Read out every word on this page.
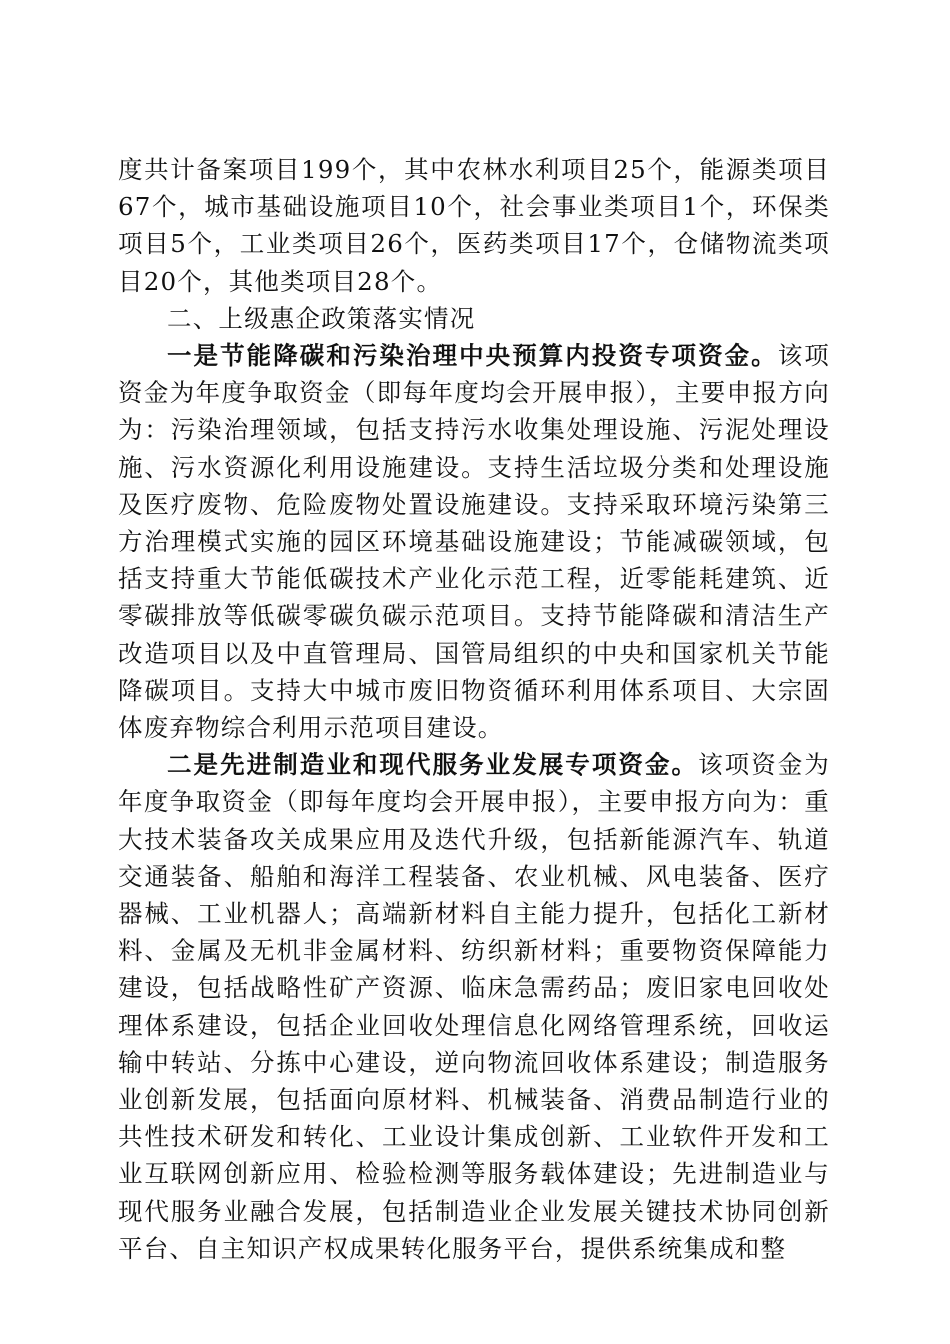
度共计备案项目199个，其中农林水利项目25个，能源类项目67个，城市基础设施项目10个，社会事业类项目1个，环保类项目5个，工业类项目26个，医药类项目17个，仓储物流类项目20个，其他类项目28个。

二、上级惠企政策落实情况

一是节能降碳和污染治理中央预算内投资专项资金。该项资金为年度争取资金（即每年度均会开展申报），主要申报方向为：污染治理领域，包括支持污水收集处理设施、污泥处理设施、污水资源化利用设施建设。支持生活垃圾分类和处理设施及医疗废物、危险废物处置设施建设。支持采取环境污染第三方治理模式实施的园区环境基础设施建设；节能减碳领域，包括支持重大节能低碳技术产业化示范工程，近零能耗建筑、近零碳排放等低碳零碳负碳示范项目。支持节能降碳和清洁生产改造项目以及中直管理局、国管局组织的中央和国家机关节能降碳项目。支持大中城市废旧物资循环利用体系项目、大宗固体废弃物综合利用示范项目建设。

二是先进制造业和现代服务业发展专项资金。该项资金为年度争取资金（即每年度均会开展申报），主要申报方向为：重大技术装备攻关成果应用及迭代升级，包括新能源汽车、轨道交通装备、船舶和海洋工程装备、农业机械、风电装备、医疗器械、工业机器人；高端新材料自主能力提升，包括化工新材料、金属及无机非金属材料、纺织新材料；重要物资保障能力建设，包括战略性矿产资源、临床急需药品；废旧家电回收处理体系建设，包括企业回收处理信息化网络管理系统，回收运输中转站、分拣中心建设，逆向物流回收体系建设；制造服务业创新发展，包括面向原材料、机械装备、消费品制造行业的共性技术研发和转化、工业设计集成创新、工业软件开发和工业互联网创新应用、检验检测等服务载体建设；先进制造业与现代服务业融合发展，包括制造业企业发展关键技术协同创新平台、自主知识产权成果转化服务平台，提供系统集成和整
